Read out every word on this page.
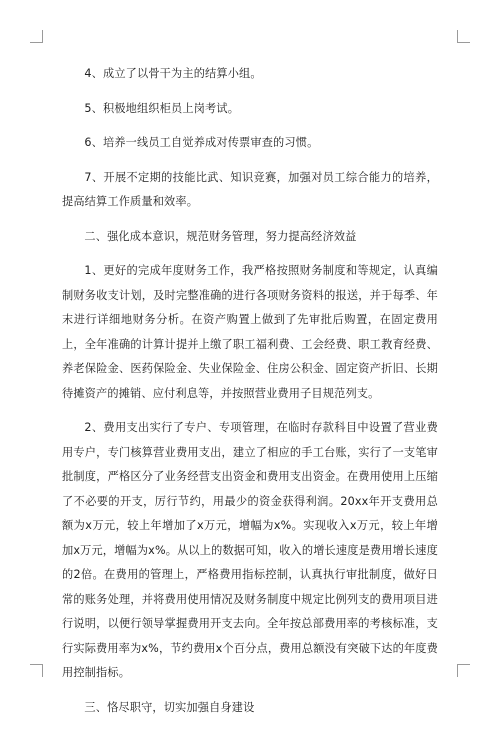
4、成立了以骨干为主的结算小组。

5、积极地组织柜员上岗考试。

6、培养一线员工自觉养成对传票审查的习惯。

7、开展不定期的技能比武、知识竞赛，加强对员工综合能力的培养，提高结算工作质量和效率。

二、强化成本意识，规范财务管理，努力提高经济效益

1、更好的完成年度财务工作，我严格按照财务制度和等规定，认真编制财务收支计划，及时完整准确的进行各项财务资料的报送，并于每季、年末进行详细地财务分析。在资产购置上做到了先审批后购置，在固定费用上，全年准确的计算计提并上缴了职工福利费、工会经费、职工教育经费、养老保险金、医药保险金、失业保险金、住房公积金、固定资产折旧、长期待摊资产的摊销、应付利息等，并按照营业费用子目规范列支。

2、费用支出实行了专户、专项管理，在临时存款科目中设置了营业费用专户，专门核算营业费用支出，建立了相应的手工台账，实行了一支笔审批制度，严格区分了业务经营支出资金和费用支出资金。在费用使用上压缩了不必要的开支，厉行节约，用最少的资金获得利润。20xx年开支费用总额为x万元，较上年增加了x万元，增幅为x%。实现收入x万元，较上年增加x万元，增幅为x%。从以上的数据可知，收入的增长速度是费用增长速度的2倍。在费用的管理上，严格费用指标控制，认真执行审批制度，做好日常的账务处理，并将费用使用情况及财务制度中规定比例列支的费用项目进行说明，以便行领导掌握费用开支去向。全年按总部费用率的考核标准，支行实际费用率为x%，节约费用x个百分点，费用总额没有突破下达的年度费用控制指标。

三、恪尽职守，切实加强自身建设
